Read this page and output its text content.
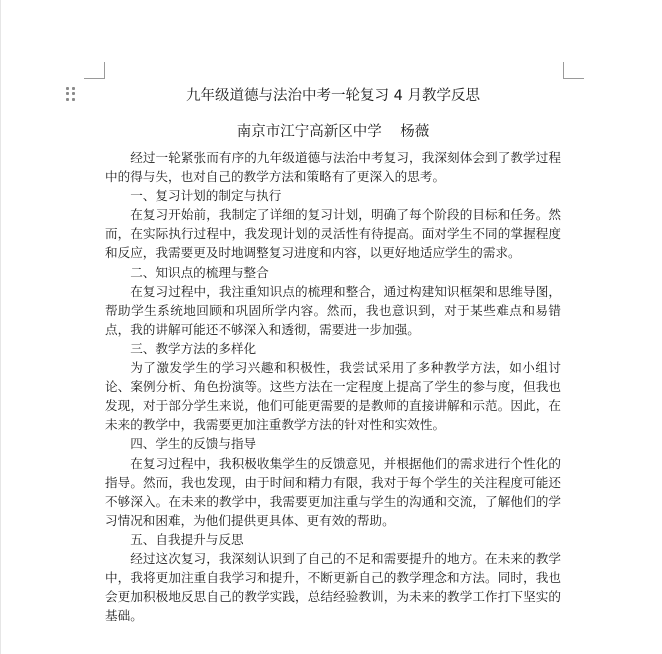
九年级道德与法治中考一轮复习 4 月教学反思
南京市江宁高新区中学    杨薇

经过一轮紧张而有序的九年级道德与法治中考复习，我深刻体会到了教学过程中的得与失，也对自己的教学方法和策略有了更深入的思考。

一、复习计划的制定与执行

在复习开始前，我制定了详细的复习计划，明确了每个阶段的目标和任务。然而，在实际执行过程中，我发现计划的灵活性有待提高。面对学生不同的掌握程度和反应，我需要更及时地调整复习进度和内容，以更好地适应学生的需求。

二、知识点的梳理与整合

在复习过程中，我注重知识点的梳理和整合，通过构建知识框架和思维导图，帮助学生系统地回顾和巩固所学内容。然而，我也意识到，对于某些难点和易错点，我的讲解可能还不够深入和透彻，需要进一步加强。

三、教学方法的多样化

为了激发学生的学习兴趣和积极性，我尝试采用了多种教学方法，如小组讨论、案例分析、角色扮演等。这些方法在一定程度上提高了学生的参与度，但我也发现，对于部分学生来说，他们可能更需要的是教师的直接讲解和示范。因此，在未来的教学中，我需要更加注重教学方法的针对性和实效性。

四、学生的反馈与指导

在复习过程中，我积极收集学生的反馈意见，并根据他们的需求进行个性化的指导。然而，我也发现，由于时间和精力有限，我对于每个学生的关注程度可能还不够深入。在未来的教学中，我需要更加注重与学生的沟通和交流，了解他们的学习情况和困难，为他们提供更具体、更有效的帮助。

五、自我提升与反思

经过这次复习，我深刻认识到了自己的不足和需要提升的地方。在未来的教学中，我将更加注重自我学习和提升，不断更新自己的教学理念和方法。同时，我也会更加积极地反思自己的教学实践，总结经验教训，为未来的教学工作打下坚实的基础。
